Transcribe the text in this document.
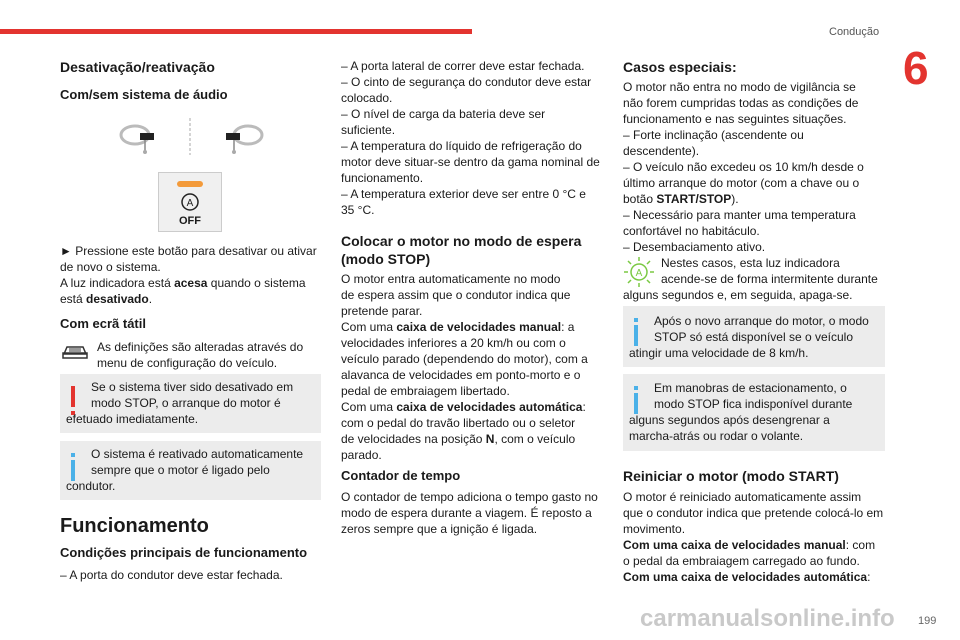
Condução
6
Desativação/reativação
Com/sem sistema de áudio
A
OFF
► Pressione este botão para desativar ou ativar
de novo o sistema.
A luz indicadora está acesa quando o sistema
está desativado.
Com ecrã tátil
As definições são alteradas através do
menu de configuração do veículo.
Se o sistema tiver sido desativado em
modo STOP, o arranque do motor é
efetuado imediatamente.
O sistema é reativado automaticamente
sempre que o motor é ligado pelo
condutor.
Funcionamento
Condições principais de funcionamento
– A porta do condutor deve estar fechada.
– A porta lateral de correr deve estar fechada.
– O cinto de segurança do condutor deve estar
colocado.
– O nível de carga da bateria deve ser
suficiente.
– A temperatura do líquido de refrigeração do
motor deve situar-se dentro da gama nominal de
funcionamento.
– A temperatura exterior deve ser entre 0 °C e
35 °C.
Colocar o motor no modo de espera
(modo STOP)
O motor entra automaticamente no modo
de espera assim que o condutor indica que
pretende parar.
Com uma caixa de velocidades manual: a
velocidades inferiores a 20 km/h ou com o
veículo parado (dependendo do motor), com a
alavanca de velocidades em ponto-morto e o
pedal de embraiagem libertado.
Com uma caixa de velocidades automática:
com o pedal do travão libertado ou o seletor
de velocidades na posição N, com o veículo
parado.
Contador de tempo
O contador de tempo adiciona o tempo gasto no
modo de espera durante a viagem. É reposto a
zeros sempre que a ignição é ligada.
Casos especiais:
O motor não entra no modo de vigilância se
não forem cumpridas todas as condições de
funcionamento e nas seguintes situações.
– Forte inclinação (ascendente ou
descendente).
– O veículo não excedeu os 10 km/h desde o
último arranque do motor (com a chave ou o
botão START/STOP).
– Necessário para manter uma temperatura
confortável no habitáculo.
– Desembaciamento ativo.
A
Nestes casos, esta luz indicadora
acende-se de forma intermitente durante
alguns segundos e, em seguida, apaga-se.
Após o novo arranque do motor, o modo
STOP só está disponível se o veículo
atingir uma velocidade de 8 km/h.
Em manobras de estacionamento, o
modo STOP fica indisponível durante
alguns segundos após desengrenar a
marcha-atrás ou rodar o volante.
Reiniciar o motor (modo START)
O motor é reiniciado automaticamente assim
que o condutor indica que pretende colocá-lo em
movimento.
Com uma caixa de velocidades manual: com
o pedal da embraiagem carregado ao fundo.
Com uma caixa de velocidades automática:
carmanualsonline.info 199
